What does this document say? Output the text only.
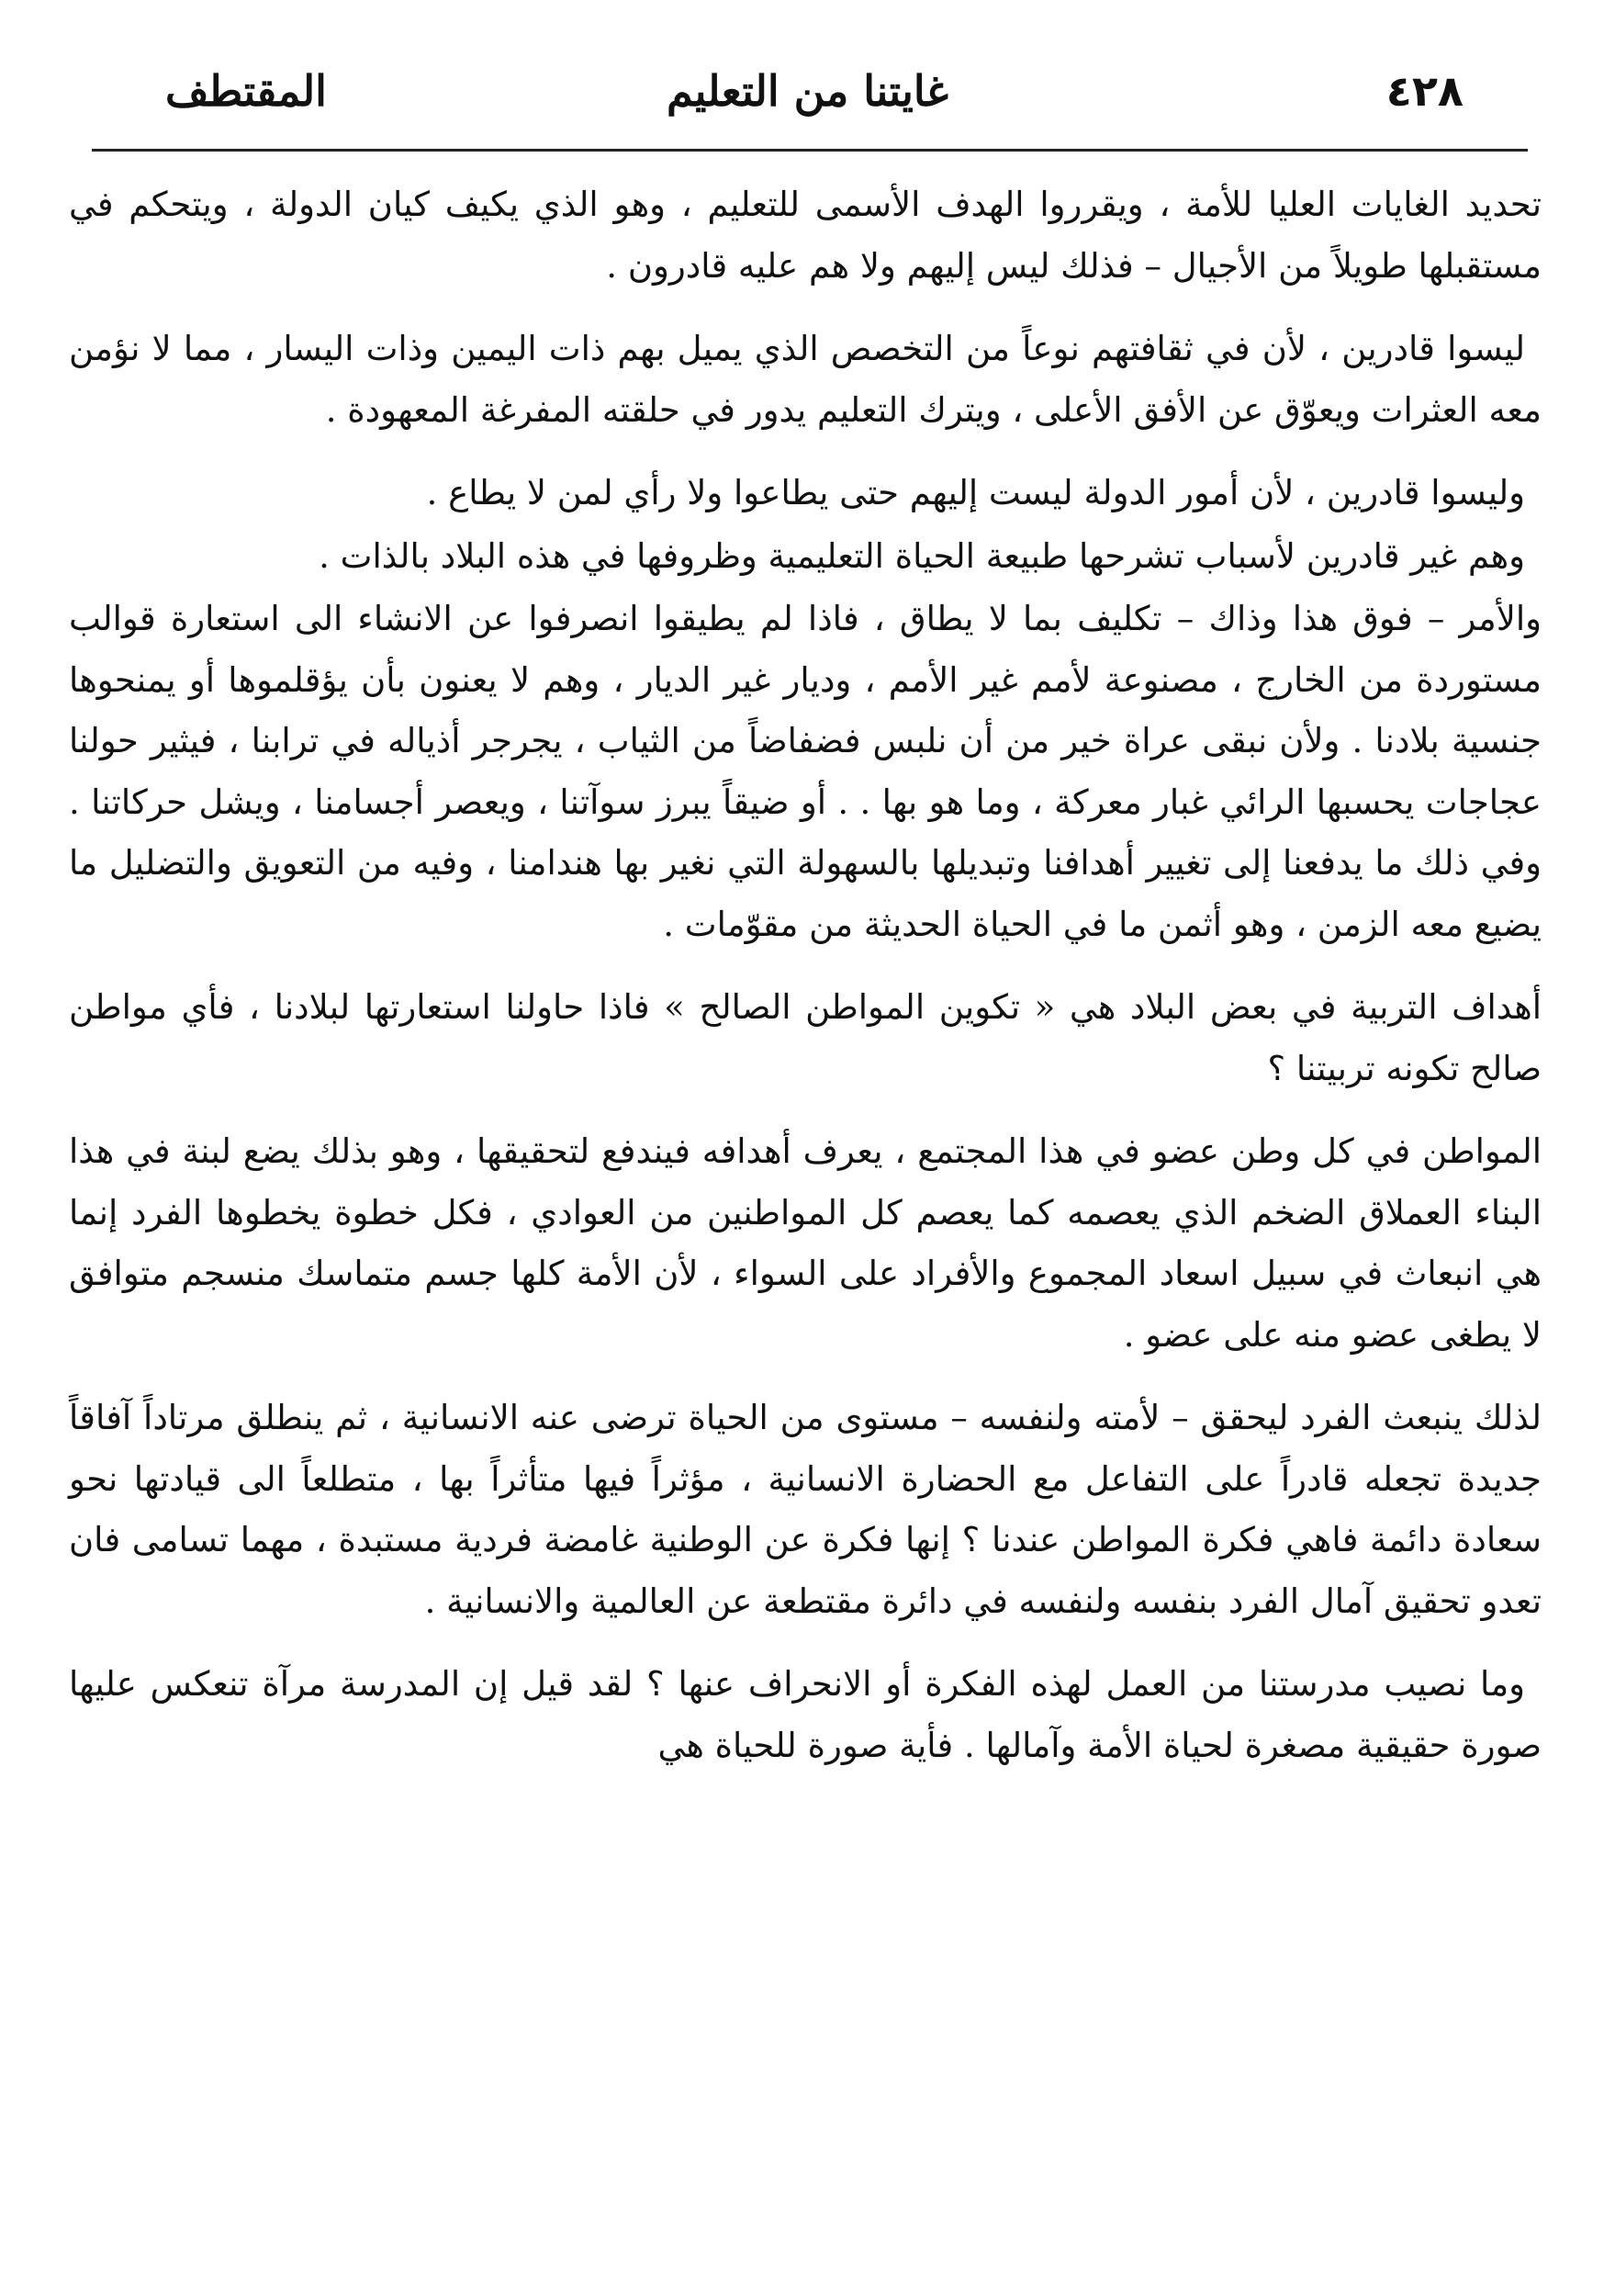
المقتطف	غايتنا من التعليم	٤٢٨

تحديد الغايات العليا للأمة ، ويقرروا الهدف الأسمى للتعليم ، وهو الذي يكيف كيان الدولة ، ويتحكم في مستقبلها طويلاً من الأجيال – فذلك ليس إليهم ولا هم عليه قادرون .

ليسوا قادرين ، لأن في ثقافتهم نوعاً من التخصص الذي يميل بهم ذات اليمين وذات اليسار ، مما لا نؤمن معه العثرات ويعوّق عن الأفق الأعلى ، ويترك التعليم يدور في حلقته المفرغة المعهودة .

وليسوا قادرين ، لأن أمور الدولة ليست إليهم حتى يطاعوا ولا رأي لمن لا يطاع .

وهم غير قادرين لأسباب تشرحها طبيعة الحياة التعليمية وظروفها في هذه البلاد بالذات .

والأمر – فوق هذا وذاك – تكليف بما لا يطاق ، فاذا لم يطيقوا انصرفوا عن الانشاء الى استعارة قوالب مستوردة من الخارج ، مصنوعة لأمم غير الأمم ، وديار غير الديار ، وهم لا يعنون بأن يؤقلموها أو يمنحوها جنسية بلادنا . ولأن نبقى عراة خير من أن نلبس فضفاضاً من الثياب ، يجرجر أذياله في ترابنا ، فيثير حولنا عجاجات يحسبها الرائي غبار معركة ، وما هو بها . . أو ضيقاً يبرز سوآتنا ، ويعصر أجسامنا ، ويشل حركاتنا . وفي ذلك ما يدفعنا إلى تغيير أهدافنا وتبديلها بالسهولة التي نغير بها هندامنا ، وفيه من التعويق والتضليل ما يضيع معه الزمن ، وهو أثمن ما في الحياة الحديثة من مقوّمات .

أهداف التربية في بعض البلاد هي « تكوين المواطن الصالح » فاذا حاولنا استعارتها لبلادنا ، فأي مواطن صالح تكونه تربيتنا ؟

المواطن في كل وطن عضو في هذا المجتمع ، يعرف أهدافه فيندفع لتحقيقها ، وهو بذلك يضع لبنة في هذا البناء العملاق الضخم الذي يعصمه كما يعصم كل المواطنين من العوادي ، فكل خطوة يخطوها الفرد إنما هي انبعاث في سبيل اسعاد المجموع والأفراد على السواء ، لأن الأمة كلها جسم متماسك منسجم متوافق لا يطغى عضو منه على عضو .

لذلك ينبعث الفرد ليحقق – لأمته ولنفسه – مستوى من الحياة ترضى عنه الانسانية ، ثم ينطلق مرتاداً آفاقاً جديدة تجعله قادراً على التفاعل مع الحضارة الانسانية ، مؤثراً فيها متأثراً بها ، متطلعاً الى قيادتها نحو سعادة دائمة فاهي فكرة المواطن عندنا ؟ إنها فكرة عن الوطنية غامضة فردية مستبدة ، مهما تسامى فان تعدو تحقيق آمال الفرد بنفسه ولنفسه في دائرة مقتطعة عن العالمية والانسانية .

وما نصيب مدرستنا من العمل لهذه الفكرة أو الانحراف عنها ؟ لقد قيل إن المدرسة مرآة تنعكس عليها صورة حقيقية مصغرة لحياة الأمة وآمالها . فأية صورة للحياة هي
